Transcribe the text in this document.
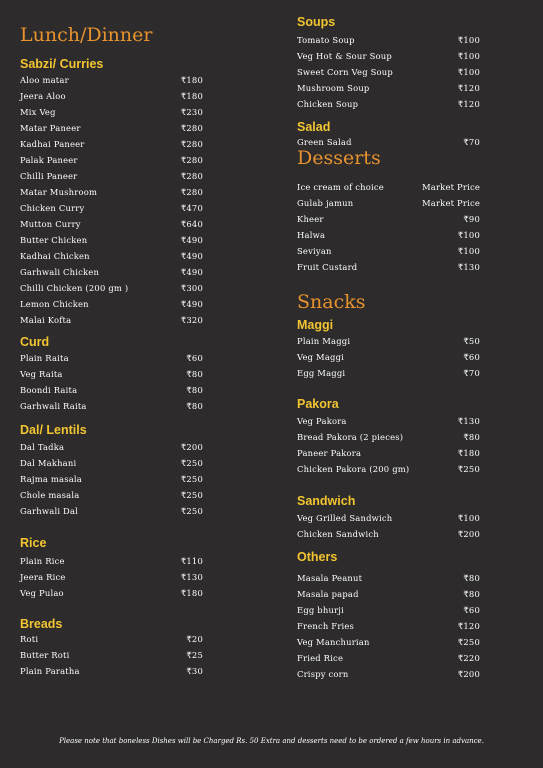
Lunch/Dinner
Sabzi/ Curries
Aloo matar	₹180
Jeera Aloo	₹180
Mix Veg	₹230
Matar Paneer	₹280
Kadhai Paneer	₹280
Palak Paneer	₹280
Chilli Paneer	₹280
Matar Mushroom	₹280
Chicken Curry	₹470
Mutton Curry	₹640
Butter Chicken	₹490
Kadhai Chicken	₹490
Garhwali Chicken	₹490
Chilli Chicken (200 gm )	₹300
Lemon Chicken	₹490
Malai Kofta	₹320
Curd
Plain Raita	₹60
Veg Raita	₹80
Boondi Raita	₹80
Garhwali Raita	₹80
Dal/ Lentils
Dal Tadka	₹200
Dal Makhani	₹250
Rajma masala	₹250
Chole masala	₹250
Garhwali Dal	₹250
Rice
Plain Rice	₹110
Jeera Rice	₹130
Veg Pulao	₹180
Breads
Roti	₹20
Butter Roti	₹25
Plain Paratha	₹30
Soups
Tomato Soup	₹100
Veg Hot & Sour Soup	₹100
Sweet Corn Veg Soup	₹100
Mushroom Soup	₹120
Chicken Soup	₹120
Salad
Green Salad	₹70
Desserts
Ice cream of choice	Market Price
Gulab jamun	Market Price
Kheer	₹90
Halwa	₹100
Seviyan	₹100
Fruit Custard	₹130
Snacks
Maggi
Plain Maggi	₹50
Veg Maggi	₹60
Egg Maggi	₹70
Pakora
Veg Pakora	₹130
Bread Pakora (2 pieces)	₹80
Paneer Pakora	₹180
Chicken Pakora (200 gm)	₹250
Sandwich
Veg Grilled Sandwich	₹100
Chicken Sandwich	₹200
Others
Masala Peanut	₹80
Masala papad	₹80
Egg bhurji	₹60
French Fries	₹120
Veg Manchurian	₹250
Fried Rice	₹220
Crispy corn	₹200
Please note that boneless Dishes will be Charged Rs. 50 Extra and desserts need to be ordered a few hours in advance.
